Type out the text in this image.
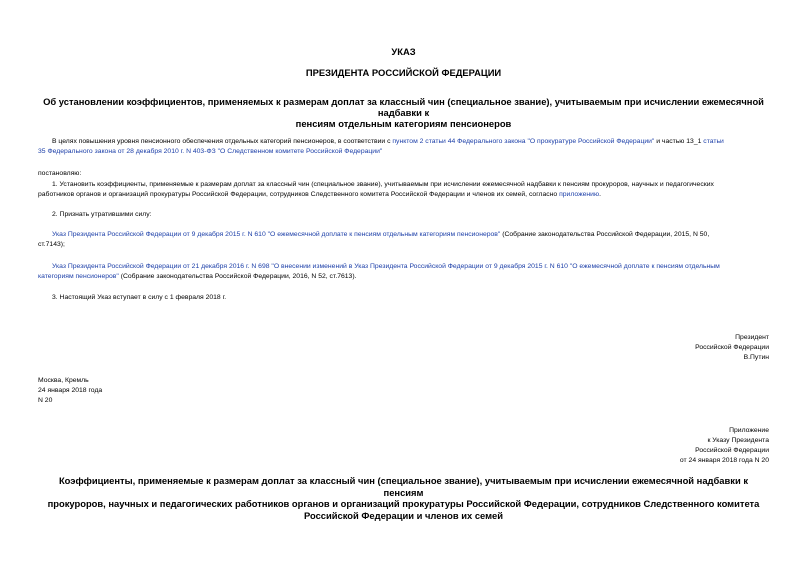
УКАЗ
ПРЕЗИДЕНТА РОССИЙСКОЙ ФЕДЕРАЦИИ
Об установлении коэффициентов, применяемых к размерам доплат за классный чин (специальное звание), учитываемым при исчислении ежемесячной надбавки к
пенсиям отдельным категориям пенсионеров
В целях повышения уровня пенсионного обеспечения отдельных категорий пенсионеров, в соответствии с пунктом 2 статьи 44 Федерального закона "О прокуратуре Российской Федерации" и частью 13_1 статьи
35 Федерального закона от 28 декабря 2010 г. N 403-ФЗ "О Следственном комитете Российской Федерации"
постановляю:
1. Установить коэффициенты, применяемые к размерам доплат за классный чин (специальное звание), учитываемым при исчислении ежемесячной надбавки к пенсиям прокуроров, научных и педагогических
работников органов и организаций прокуратуры Российской Федерации, сотрудников Следственного комитета Российской Федерации и членов их семей, согласно приложению.
2. Признать утратившими силу:
Указ Президента Российской Федерации от 9 декабря 2015 г. N 610 "О ежемесячной доплате к пенсиям отдельным категориям пенсионеров" (Собрание законодательства Российской Федерации, 2015, N 50,
ст.7143);
Указ Президента Российской Федерации от 21 декабря 2016 г. N 698 "О внесении изменений в Указ Президента Российской Федерации от 9 декабря 2015 г. N 610 "О ежемесячной доплате к пенсиям отдельным
категориям пенсионеров" (Собрание законодательства Российской Федерации, 2016, N 52, ст.7613).
3. Настоящий Указ вступает в силу с 1 февраля 2018 г.
Президент
Российской Федерации
В.Путин
Москва, Кремль
24 января 2018 года
N 20
Приложение
к Указу Президента
Российской Федерации
от 24 января 2018 года N 20
Коэффициенты, применяемые к размерам доплат за классный чин (специальное звание), учитываемым при исчислении ежемесячной надбавки к пенсиям
прокуроров, научных и педагогических работников органов и организаций прокуратуры Российской Федерации, сотрудников Следственного комитета
Российской Федерации и членов их семей
